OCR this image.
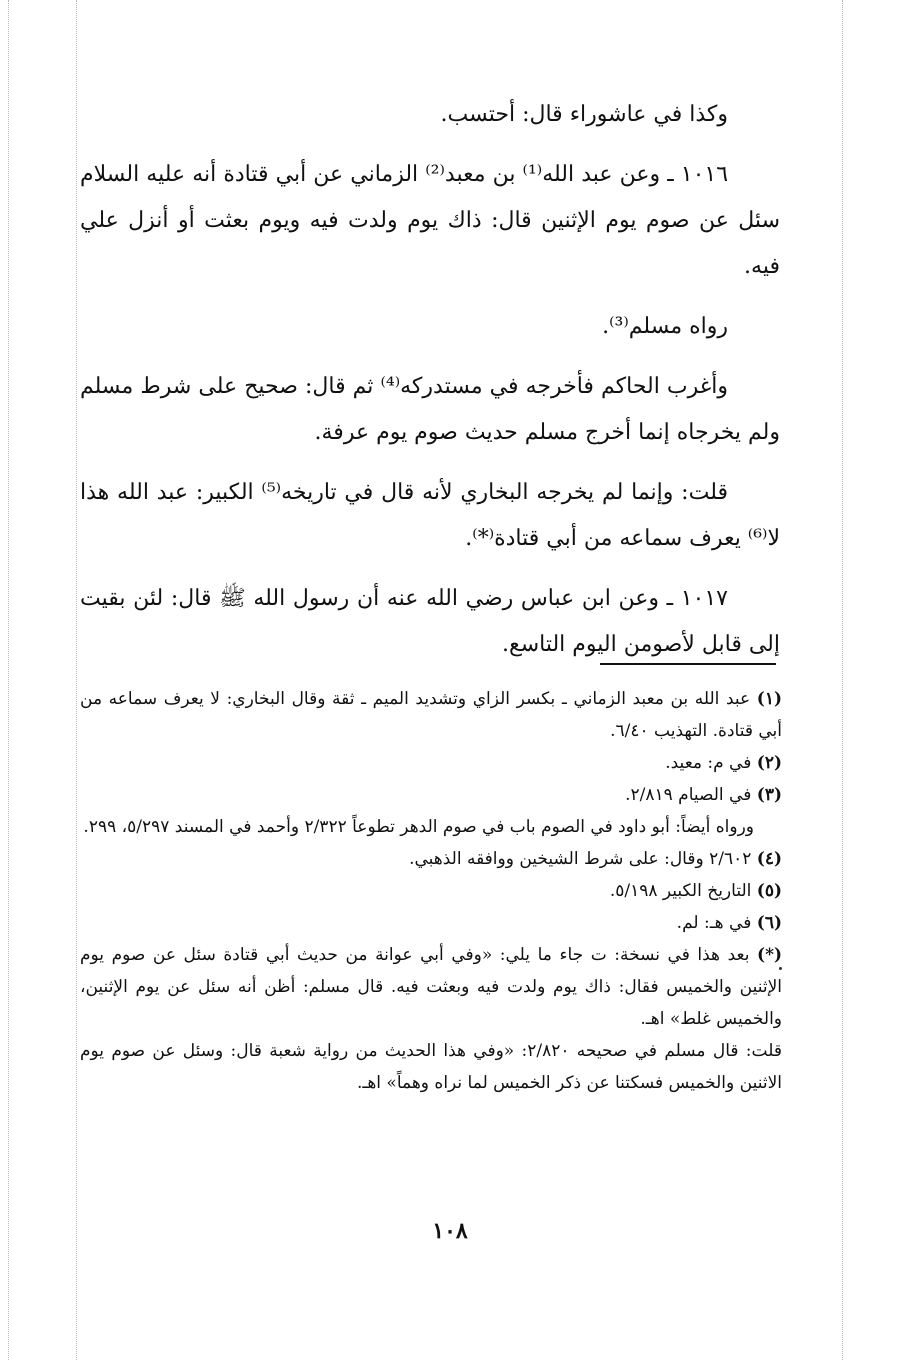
وكذا في عاشوراء قال: أحتسب.

١٠١٦ ـ وعن عبد الله⁽¹⁾ بن معبد⁽²⁾ الزماني عن أبي قتادة أنه عليه السلام سئل عن صوم يوم الإثنين قال: ذاك يوم ولدت فيه ويوم بعثت أو أنزل علي فيه.

رواه مسلم⁽³⁾.

وأغرب الحاكم فأخرجه في مستدركه⁽⁴⁾ ثم قال: صحيح على شرط مسلم ولم يخرجاه إنما أخرج مسلم حديث صوم يوم عرفة.

قلت: وإنما لم يخرجه البخاري لأنه قال في تاريخه⁽⁵⁾ الكبير: عبد الله هذا لا⁽⁶⁾ يعرف سماعه من أبي قتادة⁽*⁾.

١٠١٧ ـ وعن ابن عباس رضي الله عنه أن رسول الله ﷺ قال: لئن بقيت إلى قابل لأصومن اليوم التاسع.

(١) عبد الله بن معبد الزماني ـ بكسر الزاي وتشديد الميم ـ ثقة وقال البخاري: لا يعرف سماعه من أبي قتادة. التهذيب ٦/٤٠.

(٢) في م: معيد.

(٣) في الصيام ٢/٨١٩.

ورواه أيضاً: أبو داود في الصوم باب في صوم الدهر تطوعاً ٢/٣٢٢ وأحمد في المسند ٥/٢٩٧، ٢٩٩.

(٤) ٢/٦٠٢ وقال: على شرط الشيخين ووافقه الذهبي.

(٥) التاريخ الكبير ٥/١٩٨.

(٦) في هـ: لم.

(*) بعد هذا في نسخة: ت جاء ما يلي: «وفي أبي عوانة من حديث أبي قتادة سئل عن صوم يوم الإثنين والخميس فقال: ذاك يوم ولدت فيه وبعثت فيه. قال مسلم: أظن أنه سئل عن يوم الإثنين، والخميس غلط» اهـ.

قلت: قال مسلم في صحيحه ٢/٨٢٠: «وفي هذا الحديث من رواية شعبة قال: وسئل عن صوم يوم الاثنين والخميس فسكتنا عن ذكر الخميس لما نراه وهماً» اهـ.

١٠٨
